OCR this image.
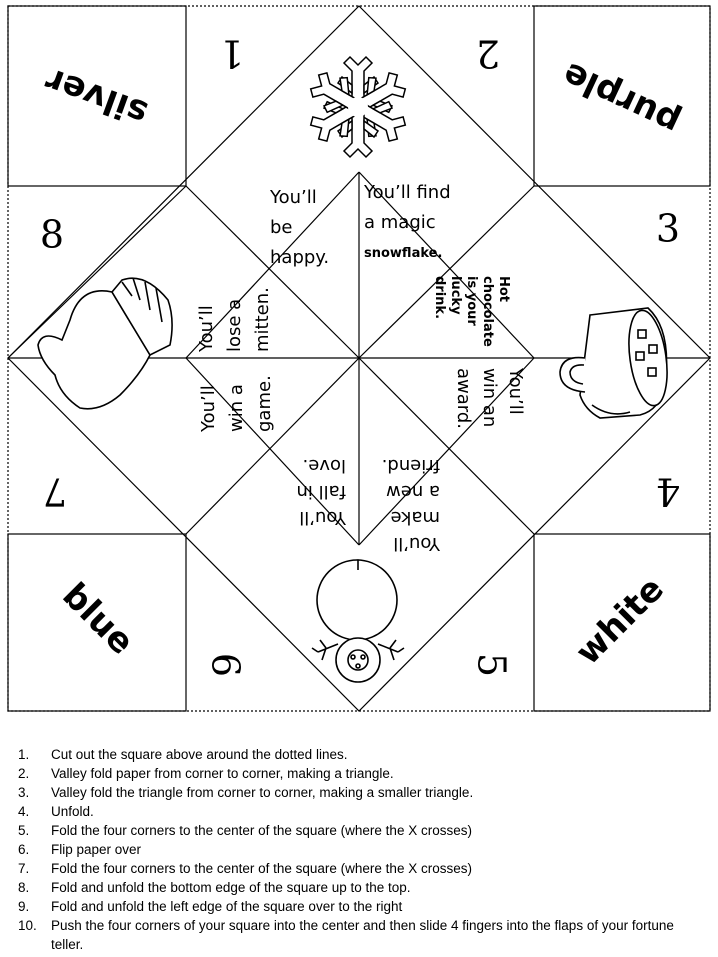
silver	purple
blue	white
1	2
3
4
5
6
7
8
You’ll
be
happy.
You’ll find
a magic
snowflake.
Hot
chocolate
is your
lucky
drink.
You’ll
win an
award.
You’ll
make
a new
friend.
You’ll
fall in
love.
You’ll win a game.
You’ll lose a mitten.
1.	Cut out the square above around the dotted lines.
2.	Valley fold paper from corner to corner, making a triangle.
3.	Valley fold the triangle from corner to corner, making a smaller triangle.
4.	Unfold.
5.	Fold the four corners to the center of the square (where the X crosses)
6.	Flip paper over
7.	Fold the four corners to the center of the square (where the X crosses)
8.	Fold and unfold the bottom edge of the square up to the top.
9.	Fold and unfold the left edge of the square over to the right
10.	Push the four corners of your square into the center and then slide 4 fingers into the flaps of your fortune teller.
